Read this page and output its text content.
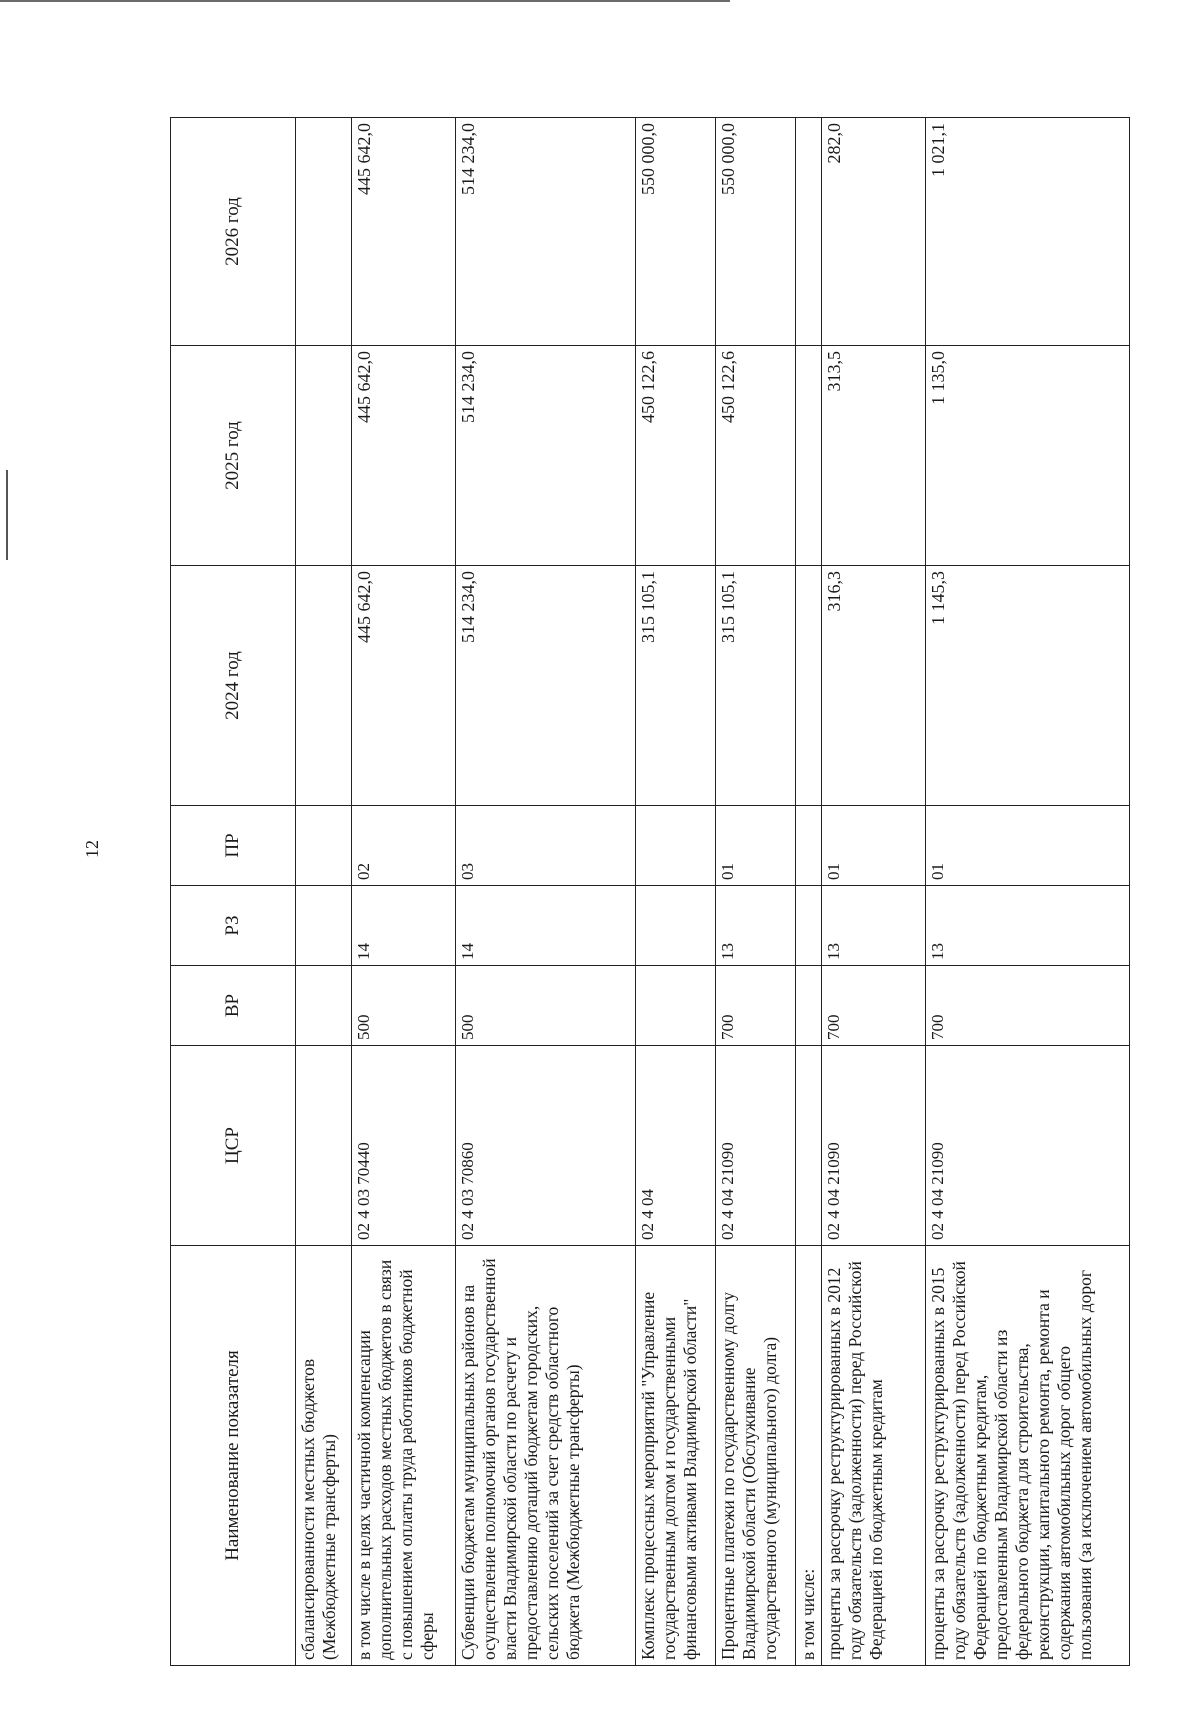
12
Наименование показателя	ЦСР	ВР	РЗ	ПР	2024 год	2025 год	2026 год
сбалансированности местных бюджетов (Межбюджетные трансферты)							
в том числе в целях частичной компенсации дополнительных расходов местных бюджетов в связи с повышением оплаты труда работников бюджетной сферы	02 4 03 70440	500	14	02	445 642,0	445 642,0	445 642,0
Субвенции бюджетам муниципальных районов на осуществление полномочий органов государственной власти Владимирской области по расчету и предоставлению дотаций бюджетам городских, сельских поселений за счет средств областного бюджета (Межбюджетные трансферты)	02 4 03 70860	500	14	03	514 234,0	514 234,0	514 234,0
Комплекс процессных мероприятий "Управление государственным долгом и государственными финансовыми активами Владимирской области"	02 4 04				315 105,1	450 122,6	550 000,0
Процентные платежи по государственному долгу Владимирской области (Обслуживание государственного (муниципального) долга)	02 4 04 21090	700	13	01	315 105,1	450 122,6	550 000,0
в том числе:							
проценты за рассрочку реструктурированных в 2012 году обязательств (задолженности) перед Российской Федерацией по бюджетным кредитам	02 4 04 21090	700	13	01	316,3	313,5	282,0
проценты за рассрочку реструктурированных в 2015 году обязательств (задолженности) перед Российской Федерацией по бюджетным кредитам, предоставленным Владимирской области из федерального бюджета для строительства, реконструкции, капитального ремонта, ремонта и содержания автомобильных дорог общего пользования (за исключением автомобильных дорог	02 4 04 21090	700	13	01	1 145,3	1 135,0	1 021,1
